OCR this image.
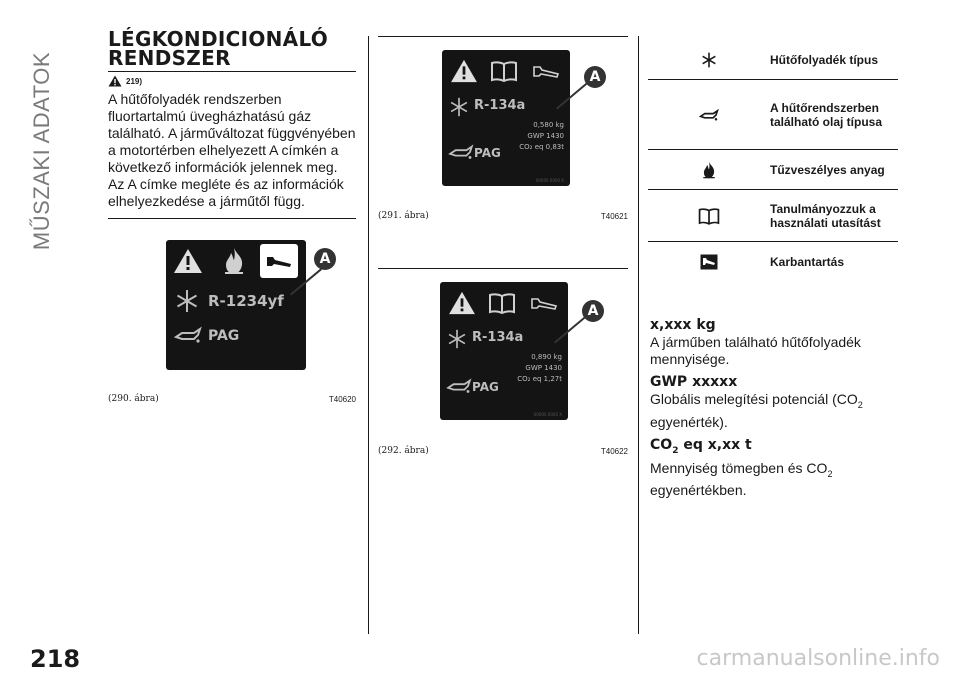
MŰSZAKI ADATOK
LÉGKONDICIONÁLÓ
RENDSZER
219)

A hűtőfolyadék rendszerben fluortartalmú üvegházhatású gáz található. A járműváltozat függvényében a motortérben elhelyezett A címkén a következő információk jelennek meg. Az A címke megléte és az információk elhelyezkedése a járműtől függ.

R-1234yf
PAG
A
(290. ábra)	T40620
R-134a
0,580 kg
GWP 1430
CO₂ eq 0,83t
PAG
00000 0000 X
A
(291. ábra)	T40621
R-134a
0,890 kg
GWP 1430
CO₂ eq 1,27t
PAG
00000 0000 X
A
(292. ábra)	T40622
Hűtőfolyadék típus
A hűtőrendszerben található olaj típusa
Tűzveszélyes anyag
Tanulmányozzuk a használati utasítást
Karbantartás
x,xxx kg
A járműben található hűtőfolyadék mennyisége.
GWP xxxxx
Globális melegítési potenciál ($CO_2$
egyenérték).
$CO_2$ eq x,xx t
Mennyiség tömegben és $CO_2$
egyenértékben.
218	carmanualsonline.info
